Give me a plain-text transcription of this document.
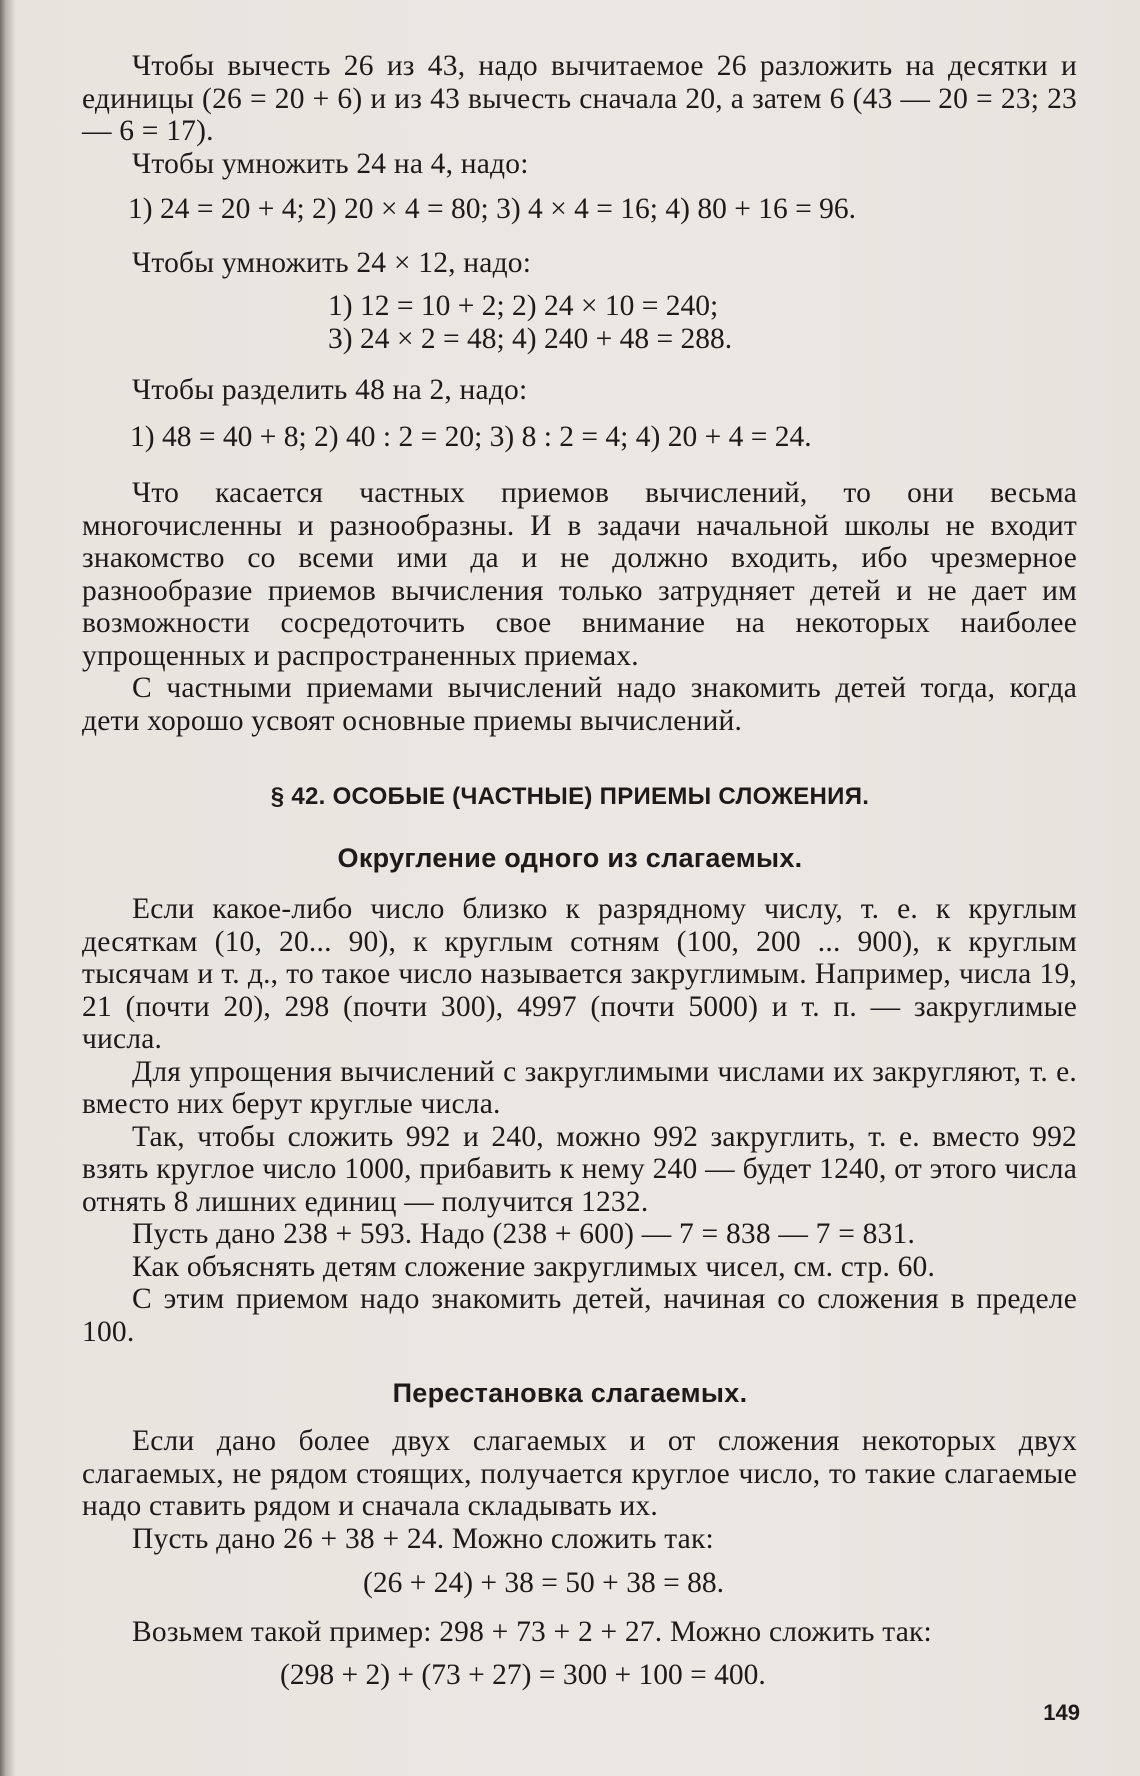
Чтобы вычесть 26 из 43, надо вычитаемое 26 разложить на десятки и единицы (26 = 20 + 6) и из 43 вычесть сначала 20, а затем 6 (43 — 20 = 23; 23 — 6 = 17).

Чтобы умножить 24 на 4, надо:

1) 24 = 20 + 4; 2) 20 × 4 = 80; 3) 4 × 4 = 16; 4) 80 + 16 = 96.

Чтобы умножить 24 × 12, надо:

1) 12 = 10 + 2; 2) 24 × 10 = 240;
3) 24 × 2 = 48; 4) 240 + 48 = 288.

Чтобы разделить 48 на 2, надо:

1) 48 = 40 + 8; 2) 40 : 2 = 20; 3) 8 : 2 = 4; 4) 20 + 4 = 24.

Что касается частных приемов вычислений, то они весьма многочисленны и разнообразны. И в задачи начальной школы не входит знакомство со всеми ими да и не должно входить, ибо чрезмерное разнообразие приемов вычисления только затрудняет детей и не дает им возможности сосредоточить свое внимание на некоторых наиболее упрощенных и распространенных приемах.

С частными приемами вычислений надо знакомить детей тогда, когда дети хорошо усвоят основные приемы вычислений.

§ 42. ОСОБЫЕ (ЧАСТНЫЕ) ПРИЕМЫ СЛОЖЕНИЯ.
Округление одного из слагаемых.

Если какое-либо число близко к разрядному числу, т. е. к круглым десяткам (10, 20... 90), к круглым сотням (100, 200 ... 900), к круглым тысячам и т. д., то такое число называется закруглимым. Например, числа 19, 21 (почти 20), 298 (почти 300), 4997 (почти 5000) и т. п. — закруглимые числа.

Для упрощения вычислений с закруглимыми числами их закругляют, т. е. вместо них берут круглые числа.

Так, чтобы сложить 992 и 240, можно 992 закруглить, т. е. вместо 992 взять круглое число 1000, прибавить к нему 240 — будет 1240, от этого числа отнять 8 лишних единиц — получится 1232.

Пусть дано 238 + 593. Надо (238 + 600) — 7 = 838 — 7 = 831.

Как объяснять детям сложение закруглимых чисел, см. стр. 60.

С этим приемом надо знакомить детей, начиная со сложения в пределе 100.

Перестановка слагаемых.

Если дано более двух слагаемых и от сложения некоторых двух слагаемых, не рядом стоящих, получается круглое число, то такие слагаемые надо ставить рядом и сначала складывать их.

Пусть дано 26 + 38 + 24. Можно сложить так:

(26 + 24) + 38 = 50 + 38 = 88.

Возьмем такой пример: 298 + 73 + 2 + 27. Можно сложить так:

(298 + 2) + (73 + 27) = 300 + 100 = 400.
149
